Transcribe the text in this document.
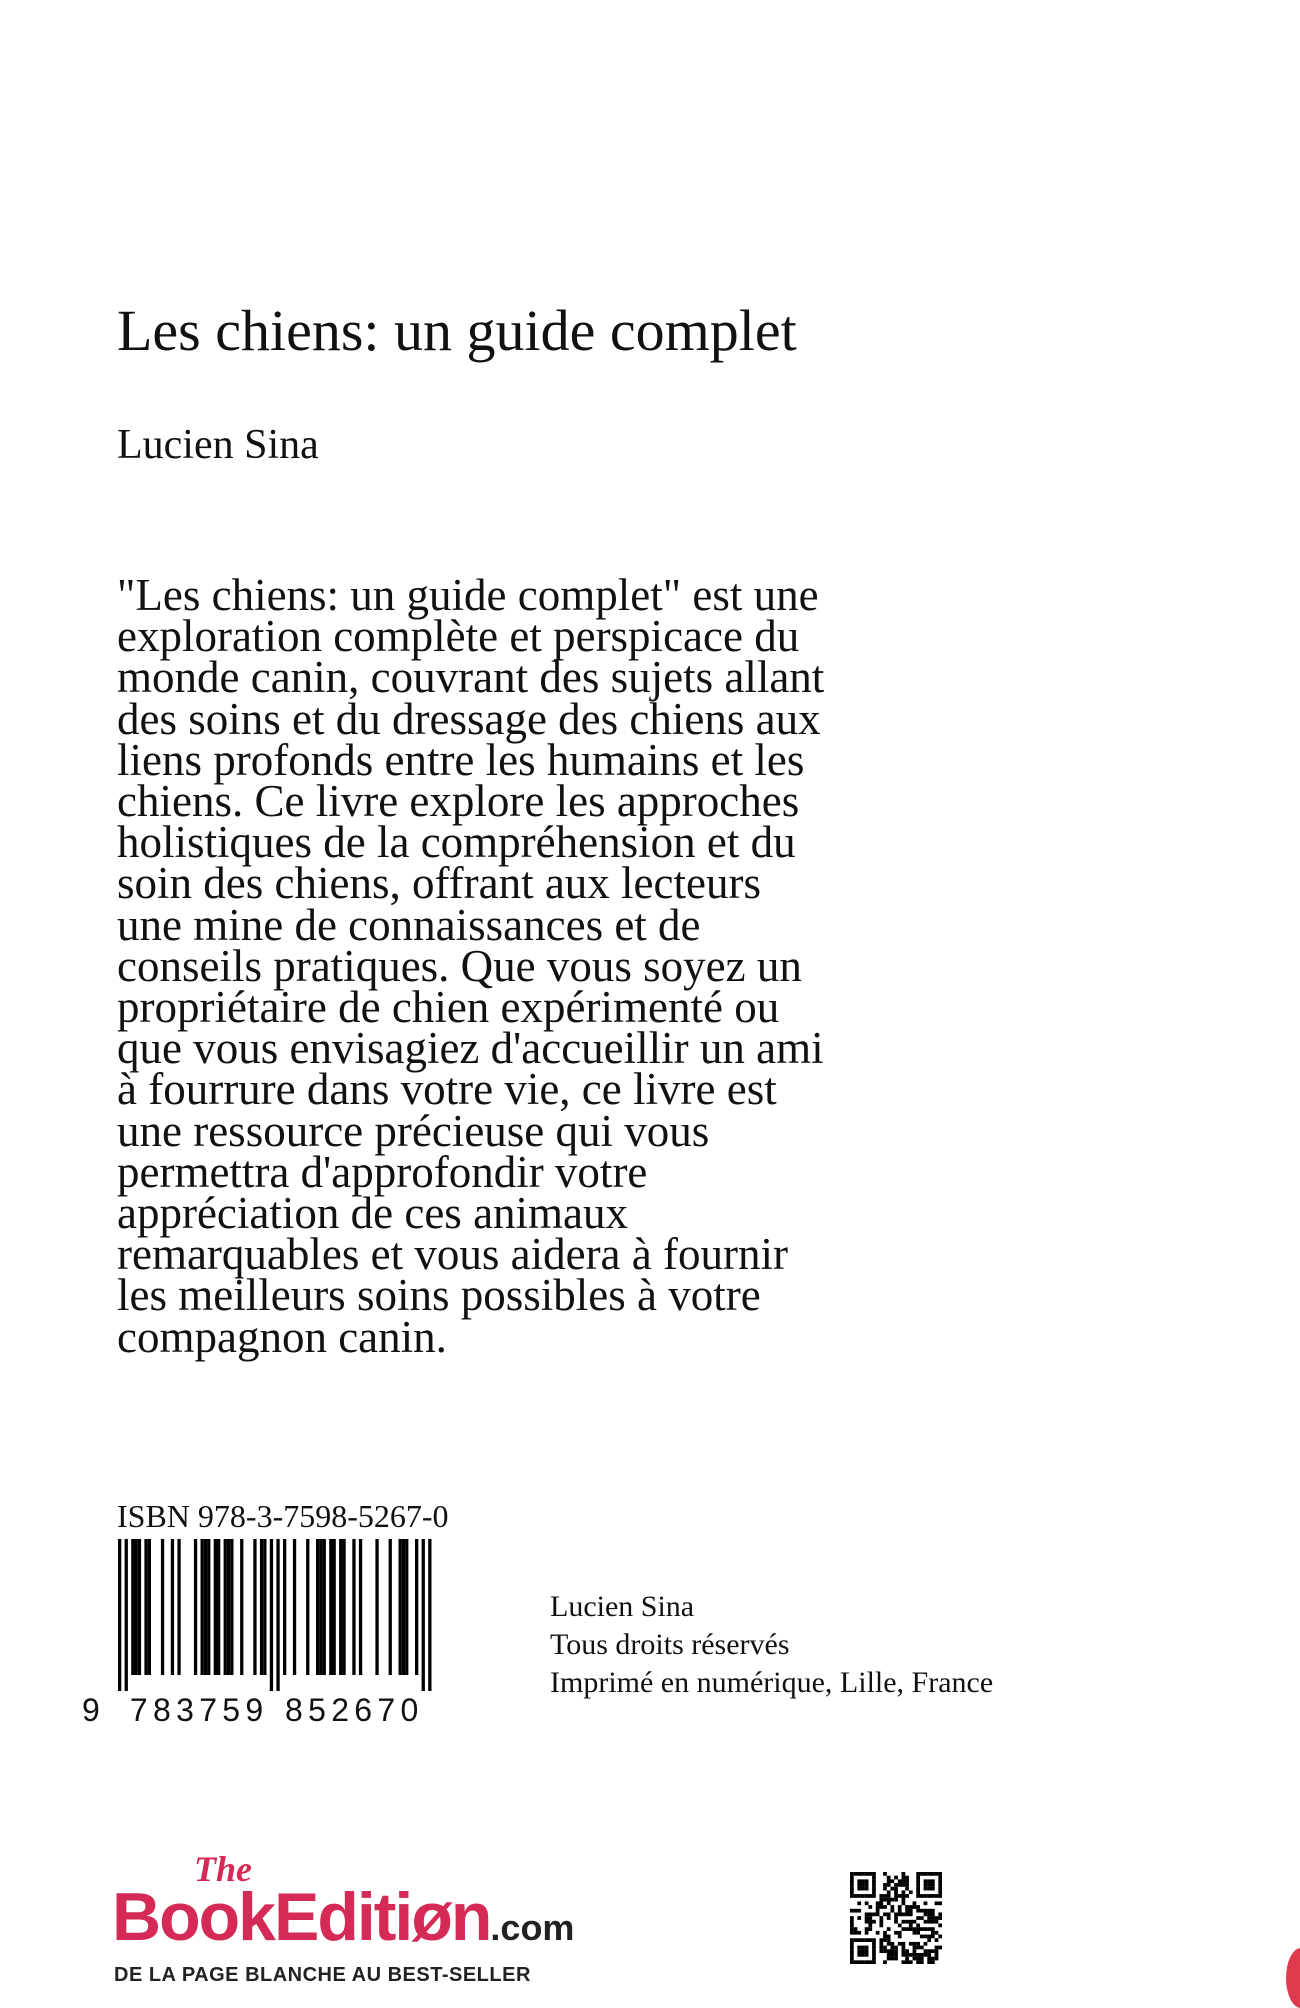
Les chiens: un guide complet
Lucien Sina
"Les chiens: un guide complet" est une
exploration complète et perspicace du
monde canin, couvrant des sujets allant
des soins et du dressage des chiens aux
liens profonds entre les humains et les
chiens. Ce livre explore les approches
holistiques de la compréhension et du
soin des chiens, offrant aux lecteurs
une mine de connaissances et de
conseils pratiques. Que vous soyez un
propriétaire de chien expérimenté ou
que vous envisagiez d'accueillir un ami
à fourrure dans votre vie, ce livre est
une ressource précieuse qui vous
permettra d'approfondir votre
appréciation de ces animaux
remarquables et vous aidera à fournir
les meilleurs soins possibles à votre
compagnon canin.
ISBN 978-3-7598-5267-0
9 7 8 3 7 5 9 8 5 2 6 7 0
Lucien Sina
Tous droits réservés
Imprimé en numérique, Lille, France
The
BookEditiøn.com
DE LA PAGE BLANCHE AU BEST-SELLER
